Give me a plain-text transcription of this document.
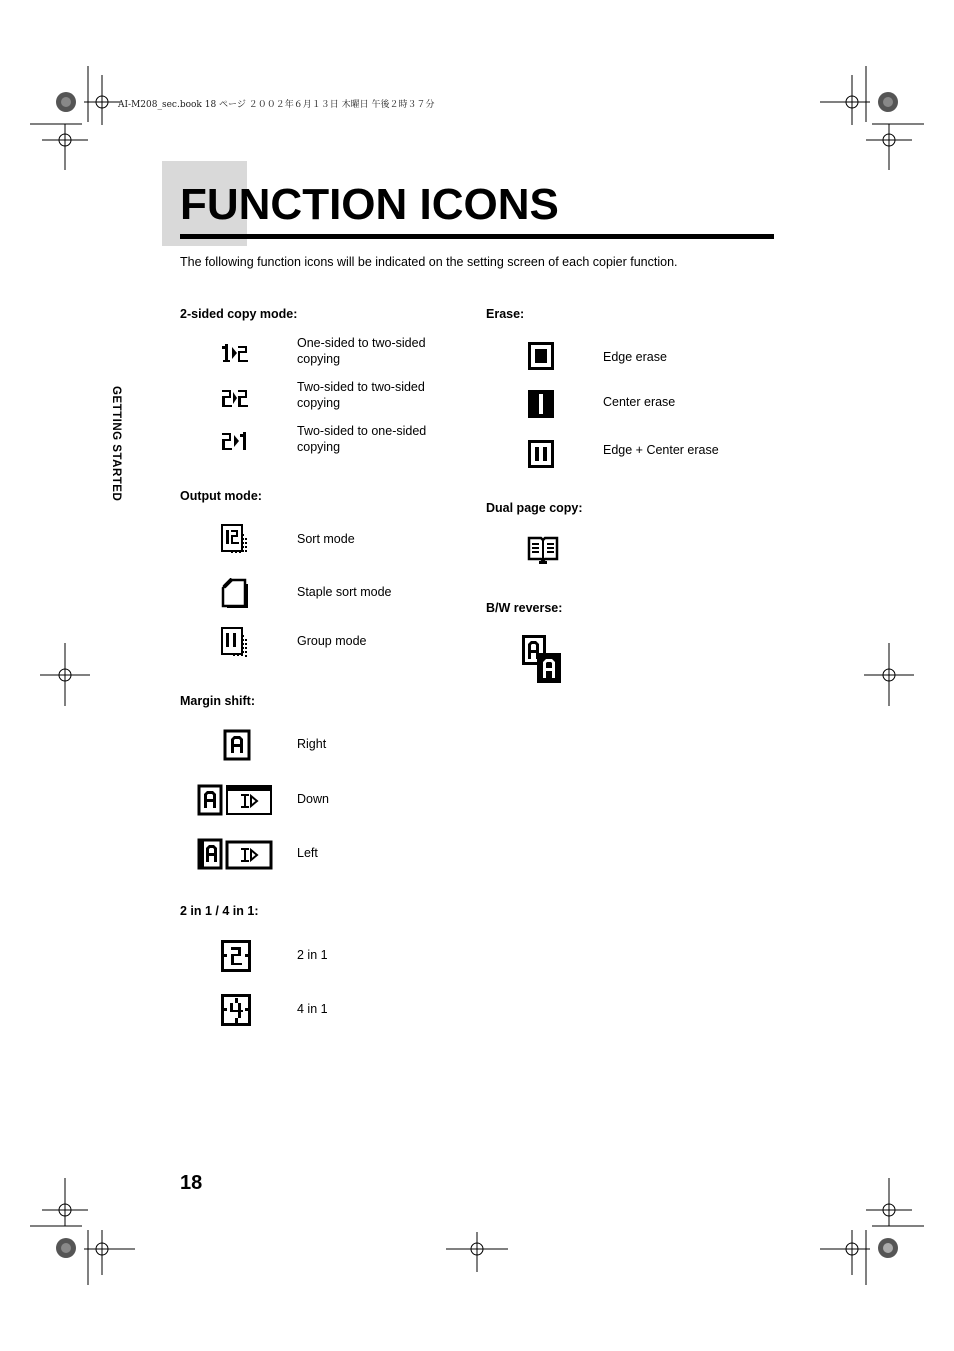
AI-M208_sec.book 18 ページ ２００２年６月１３日 木曜日 午後２時３７分
FUNCTION ICONS
The following function icons will be indicated on the setting screen of each copier function.
GETTING STARTED
2-sided copy mode:
One-sided to two-sided copying
Two-sided to two-sided copying
Two-sided to one-sided copying
Output mode:
Sort mode
Staple sort mode
Group mode
Margin shift:
Right
Down
Left
2 in 1 / 4 in 1:
2 in 1
4 in 1
Erase:
Edge erase
Center erase
Edge + Center erase
Dual page copy:
B/W reverse:
18
